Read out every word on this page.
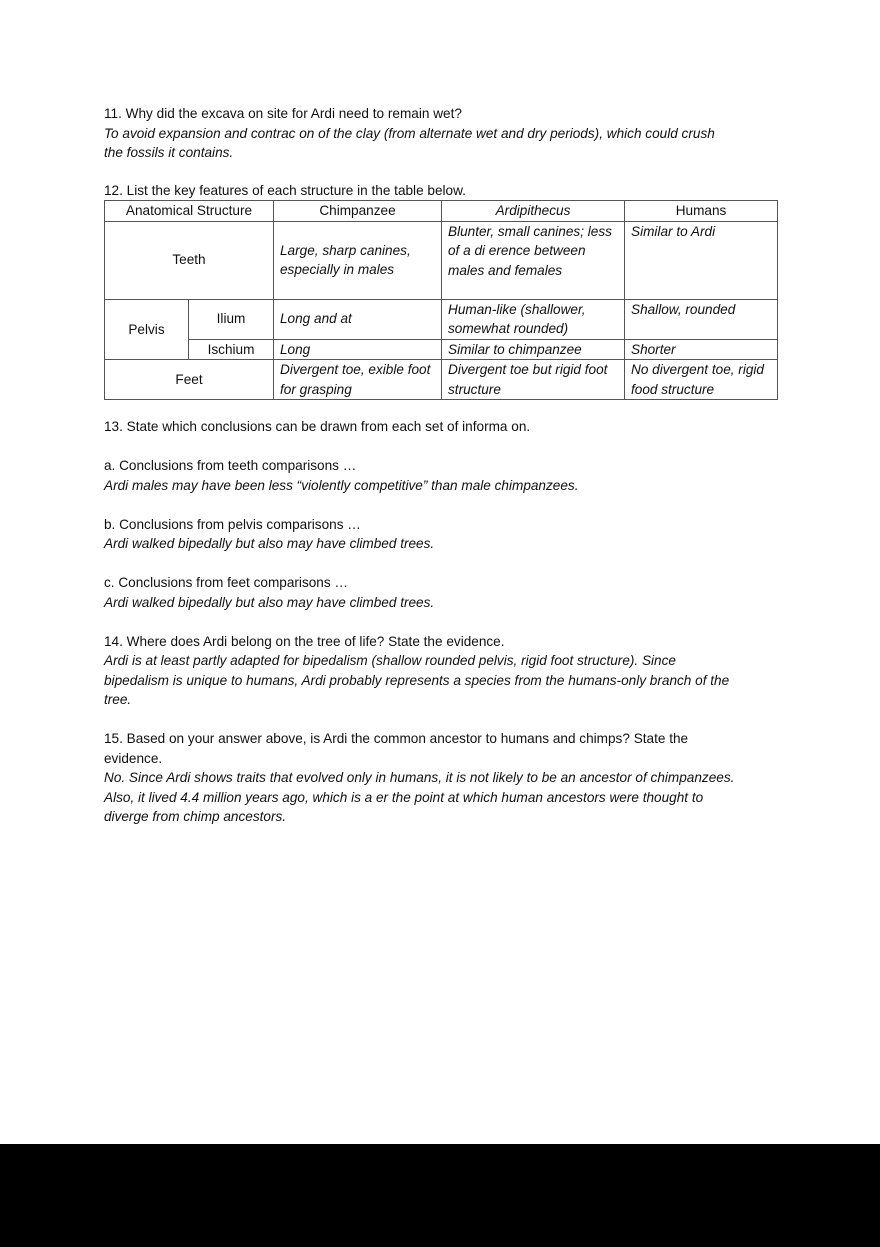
11. Why did the excava on site for Ardi need to remain wet?

To avoid expansion and contrac on of the clay (from alternate wet and dry periods), which could crush

the fossils it contains.

12. List the key features of each structure in the table below.

Anatomical Structure		Chimpanzee	Ardipithecus	Humans
Teeth		Large, sharp canines, especially in males	Blunter, small canines; less of a di erence between males and females	Similar to Ardi
Pelvis	Ilium	Long and at	Human-like (shallower, somewhat rounded)	Shallow, rounded
	Ischium	Long	Similar to chimpanzee	Shorter
Feet		Divergent toe, exible foot for grasping	Divergent toe but rigid foot structure	No divergent toe, rigid food structure

13. State which conclusions can be drawn from each set of informa on.

a. Conclusions from teeth comparisons …

Ardi males may have been less “violently competitive” than male chimpanzees.

b. Conclusions from pelvis comparisons …

Ardi walked bipedally but also may have climbed trees.

c. Conclusions from feet comparisons …

Ardi walked bipedally but also may have climbed trees.

14. Where does Ardi belong on the tree of life? State the evidence.

Ardi is at least partly adapted for bipedalism (shallow rounded pelvis, rigid foot structure). Since

bipedalism is unique to humans, Ardi probably represents a species from the humans-only branch of the

tree.

15. Based on your answer above, is Ardi the common ancestor to humans and chimps? State the

evidence.

No. Since Ardi shows traits that evolved only in humans, it is not likely to be an ancestor of chimpanzees.

Also, it lived 4.4 million years ago, which is a er the point at which human ancestors were thought to

diverge from chimp ancestors.
